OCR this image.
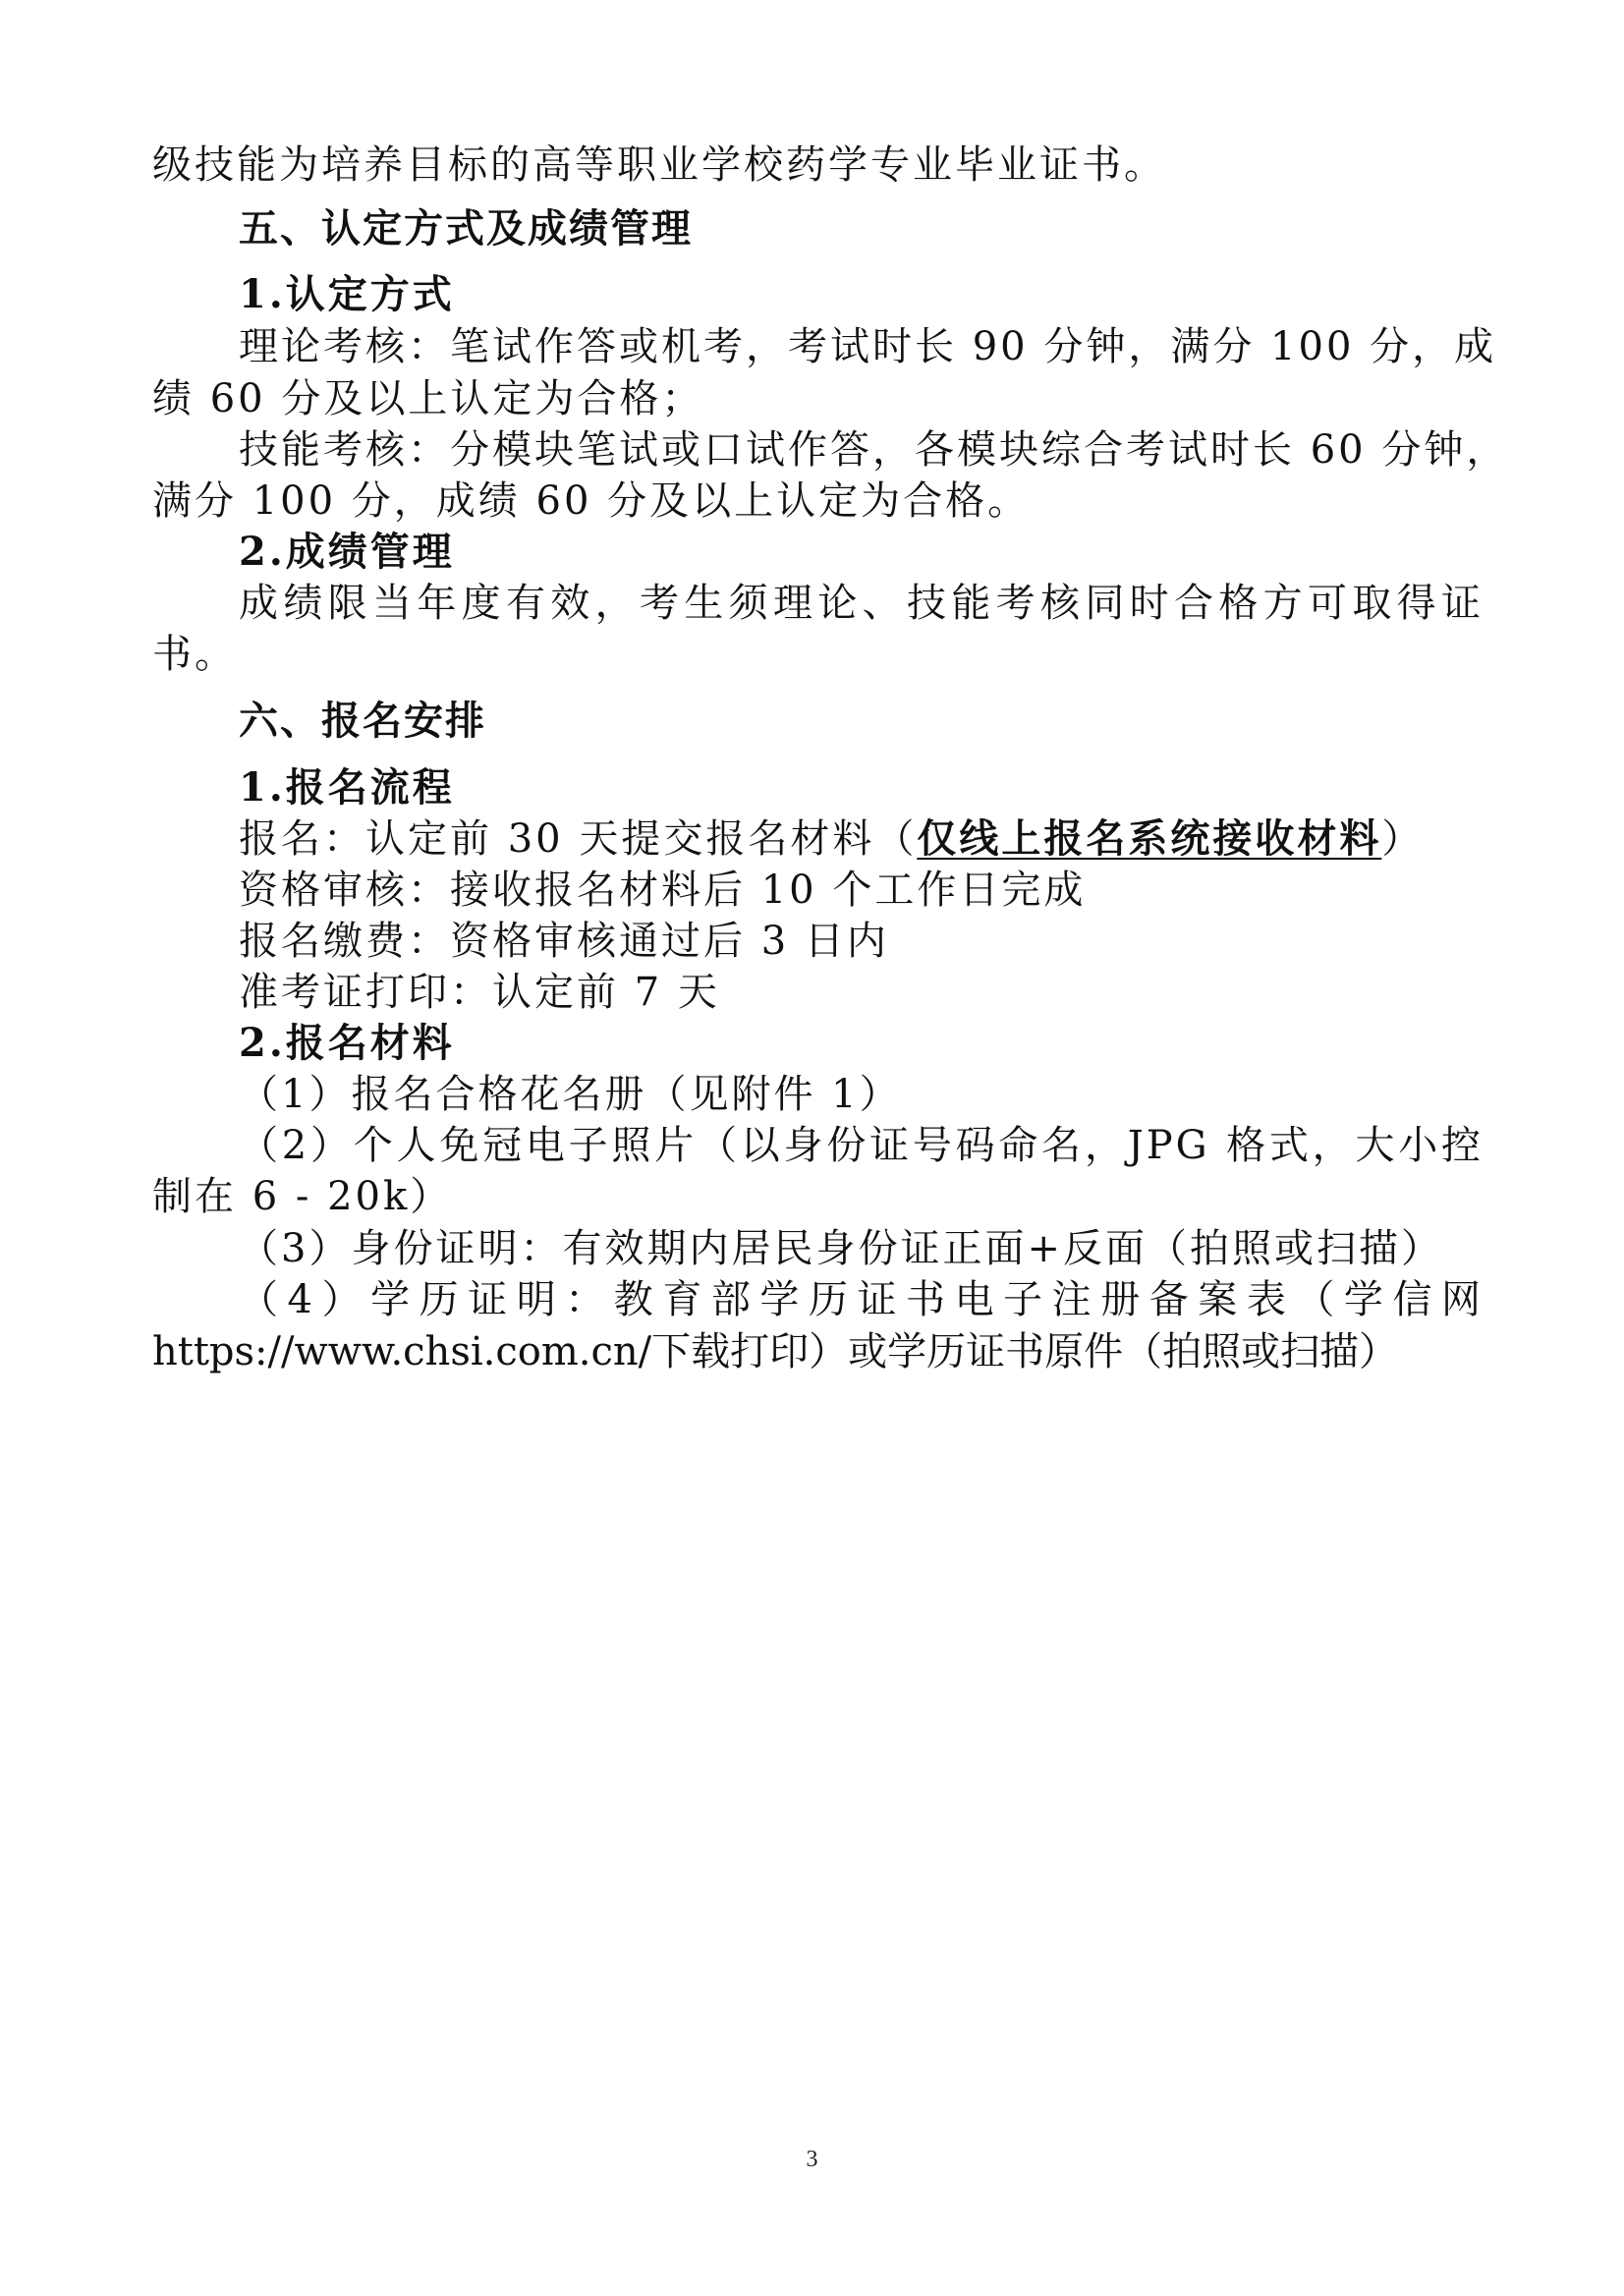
级技能为培养目标的高等职业学校药学专业毕业证书。
五、认定方式及成绩管理
1.认定方式
理论考核：笔试作答或机考，考试时长 90 分钟，满分 100 分，成
绩 60 分及以上认定为合格；
技能考核：分模块笔试或口试作答，各模块综合考试时长 60 分钟，
满分 100 分，成绩 60 分及以上认定为合格。
2.成绩管理
成绩限当年度有效，考生须理论、技能考核同时合格方可取得证
书。
六、报名安排
1.报名流程
报名：认定前 30 天提交报名材料（仅线上报名系统接收材料）
资格审核：接收报名材料后 10 个工作日完成
报名缴费：资格审核通过后 3 日内
准考证打印：认定前 7 天
2.报名材料
（1）报名合格花名册（见附件 1）
（2）个人免冠电子照片（以身份证号码命名，JPG 格式，大小控
制在 6 - 20k）
（3）身份证明：有效期内居民身份证正面+反面（拍照或扫描）
（4）学历证明：教育部学历证书电子注册备案表（学信网
https://www.chsi.com.cn/下载打印）或学历证书原件（拍照或扫描）
3
